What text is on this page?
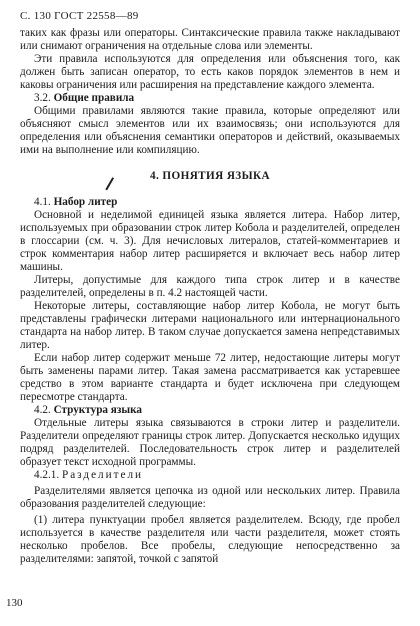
С. 130 ГОСТ 22558—89

таких как фразы или операторы. Синтаксические правила также накладывают или снимают ограничения на отдельные слова или элементы.

Эти правила используются для определения или объяснения того, как должен быть записан оператор, то есть каков порядок элементов в нем и каковы ограничения или расширения на представление каждого элемента.

3.2. Общие правила

Общими правилами являются такие правила, которые определяют или объясняют смысл элементов или их взаимосвязь; они используются для определения или объяснения семантики операторов и действий, оказываемых ими на выполнение или компиляцию.

4. ПОНЯТИЯ ЯЗЫКА

4.1. Набор литер

Основной и неделимой единицей языка является литера. Набор литер, используемых при образовании строк литер Кобола и разделителей, определен в глоссарии (см. ч. 3). Для нечисловых литералов, статей-комментариев и строк комментария набор литер расширяется и включает весь набор литер машины.

Литеры, допустимые для каждого типа строк литер и в качестве разделителей, определены в п. 4.2 настоящей части.

Некоторые литеры, составляющие набор литер Кобола, не могут быть представлены графически литерами национального или интернационального стандарта на набор литер. В таком случае допускается замена непредставимых литер.

Если набор литер содержит меньше 72 литер, недостающие литеры могут быть заменены парами литер. Такая замена рассматривается как устаревшее средство в этом варианте стандарта и будет исключена при следующем пересмотре стандарта.

4.2. Структура языка

Отдельные литеры языка связываются в строки литер и разделители. Разделители определяют границы строк литер. Допускается несколько идущих подряд разделителей. Последовательность строк литер и разделителей образует текст исходной программы.

4.2.1. Разделители

Разделителями является цепочка из одной или нескольких литер. Правила образования разделителей следующие:

(1) литера пунктуации пробел является разделителем. Всюду, где пробел используется в качестве разделителя или части разделителя, может стоять несколько пробелов. Все пробелы, следующие непосредственно за разделителями: запятой, точкой с запятой

130
